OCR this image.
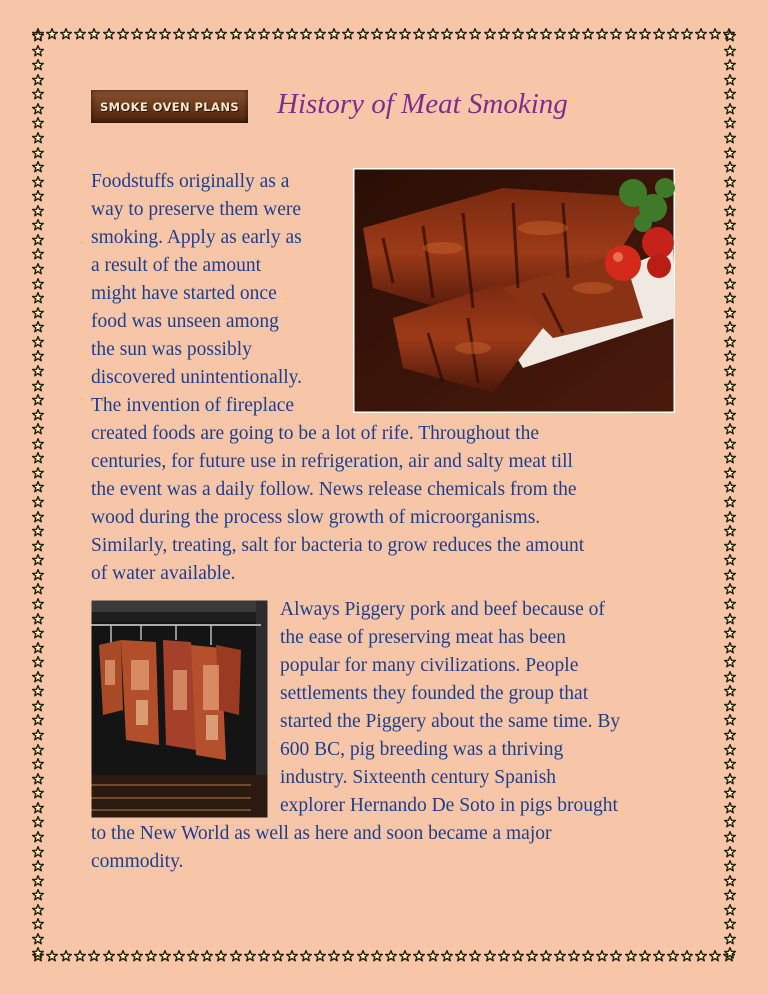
SMOKE OVEN PLANS History of Meat Smoking
Foodstuffs originally as a
way to preserve them were
smoking. Apply as early as
a result of the amount
might have started once
food was unseen among
the sun was possibly
discovered unintentionally.
The invention of fireplace
created foods are going to be a lot of rife. Throughout the
centuries, for future use in refrigeration, air and salty meat till
the event was a daily follow. News release chemicals from the
wood during the process slow growth of microorganisms.
Similarly, treating, salt for bacteria to grow reduces the amount
of water available.
Always Piggery pork and beef because of
the ease of preserving meat has been
popular for many civilizations. People
settlements they founded the group that
started the Piggery about the same time. By
600 BC, pig breeding was a thriving
industry. Sixteenth century Spanish
explorer Hernando De Soto in pigs brought
to the New World as well as here and soon became a major
commodity.
